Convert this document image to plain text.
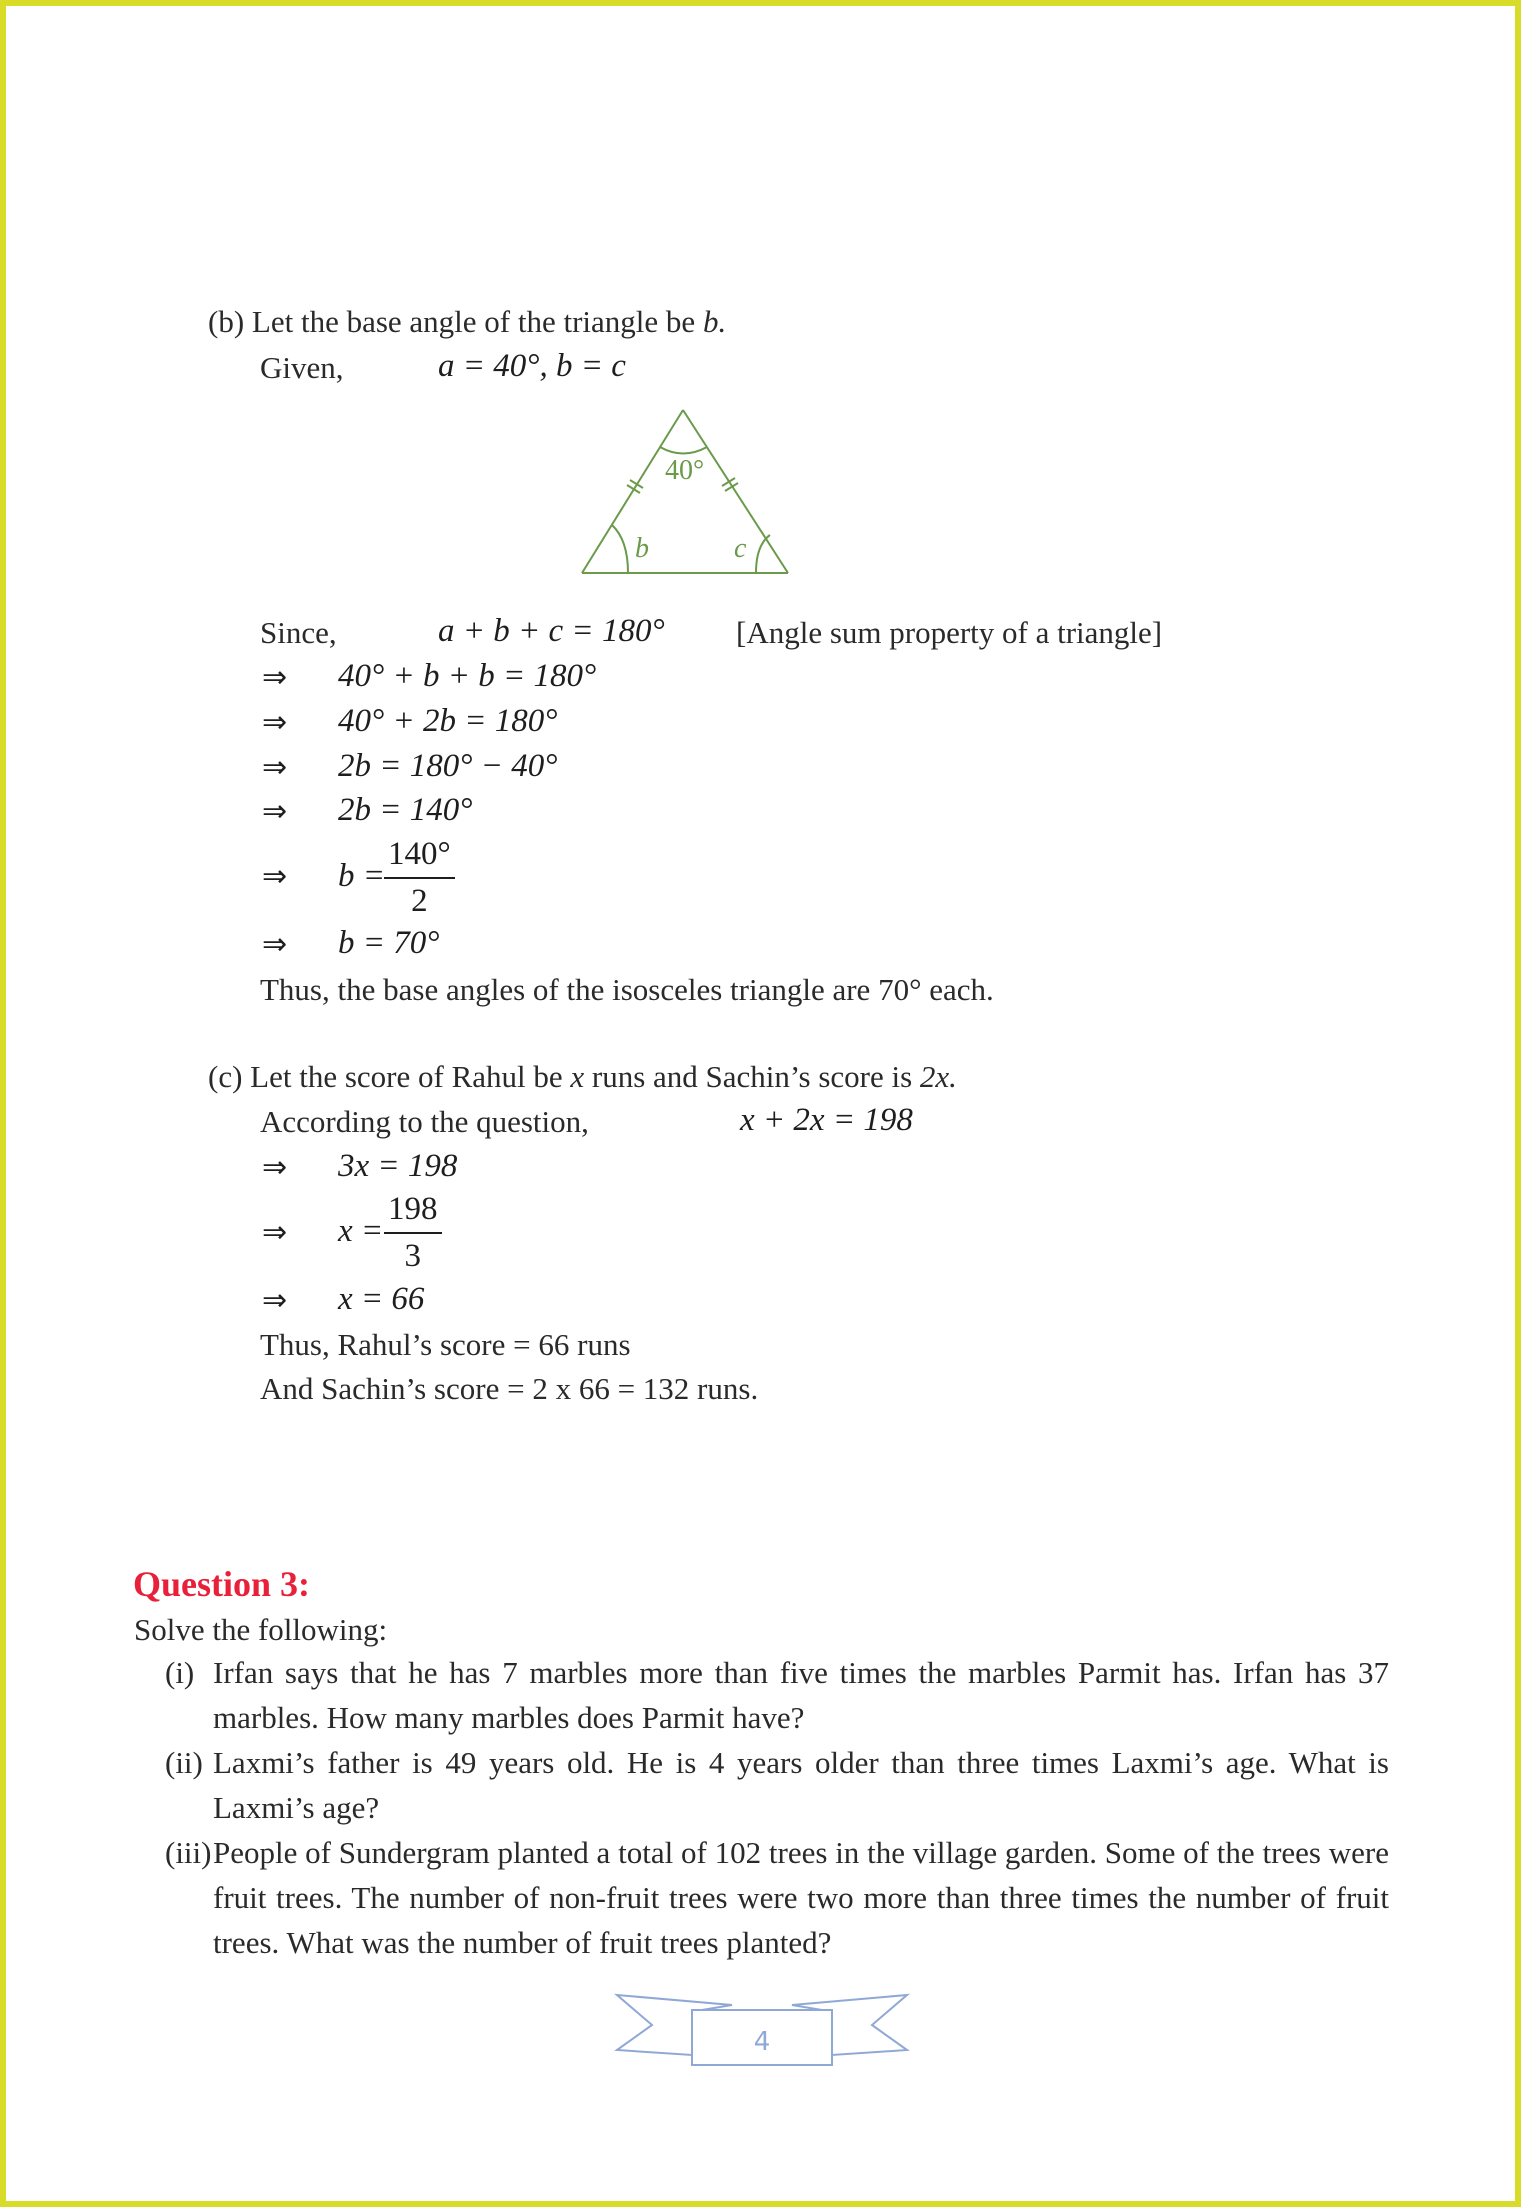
(b) Let the base angle of the triangle be b.
Given,	a = 40°, b = c
40°
b	c
Since,	a + b + c = 180° [Angle sum property of a triangle]
⇒ 40° + b + b = 180°
⇒ 40° + 2b = 180°
⇒ 2b = 180° − 40°
⇒ 2b = 140°
⇒ b =
$\frac{140^\circ}{2}$
⇒ b = 70°
Thus, the base angles of the isosceles triangle are 70° each.
(c) Let the score of Rahul be x runs and Sachin’s score is 2x.
According to the question,	x + 2x = 198
⇒ 3x = 198
⇒ $x = \frac{198}{3}$
⇒ x = 66
Thus, Rahul’s score = 66 runs
And Sachin’s score = 2 x 66 = 132 runs.
Question 3:
Solve the following:
(i) Irfan says that he has 7 marbles more than five times the marbles Parmit has. Irfan has 37 marbles. How many marbles does Parmit have?
(ii) Laxmi’s father is 49 years old. He is 4 years older than three times Laxmi’s age. What is Laxmi’s age?
(iii) People of Sundergram planted a total of 102 trees in the village garden. Some of the trees were fruit trees. The number of non-fruit trees were two more than three times the number of fruit trees. What was the number of fruit trees planted?
4
